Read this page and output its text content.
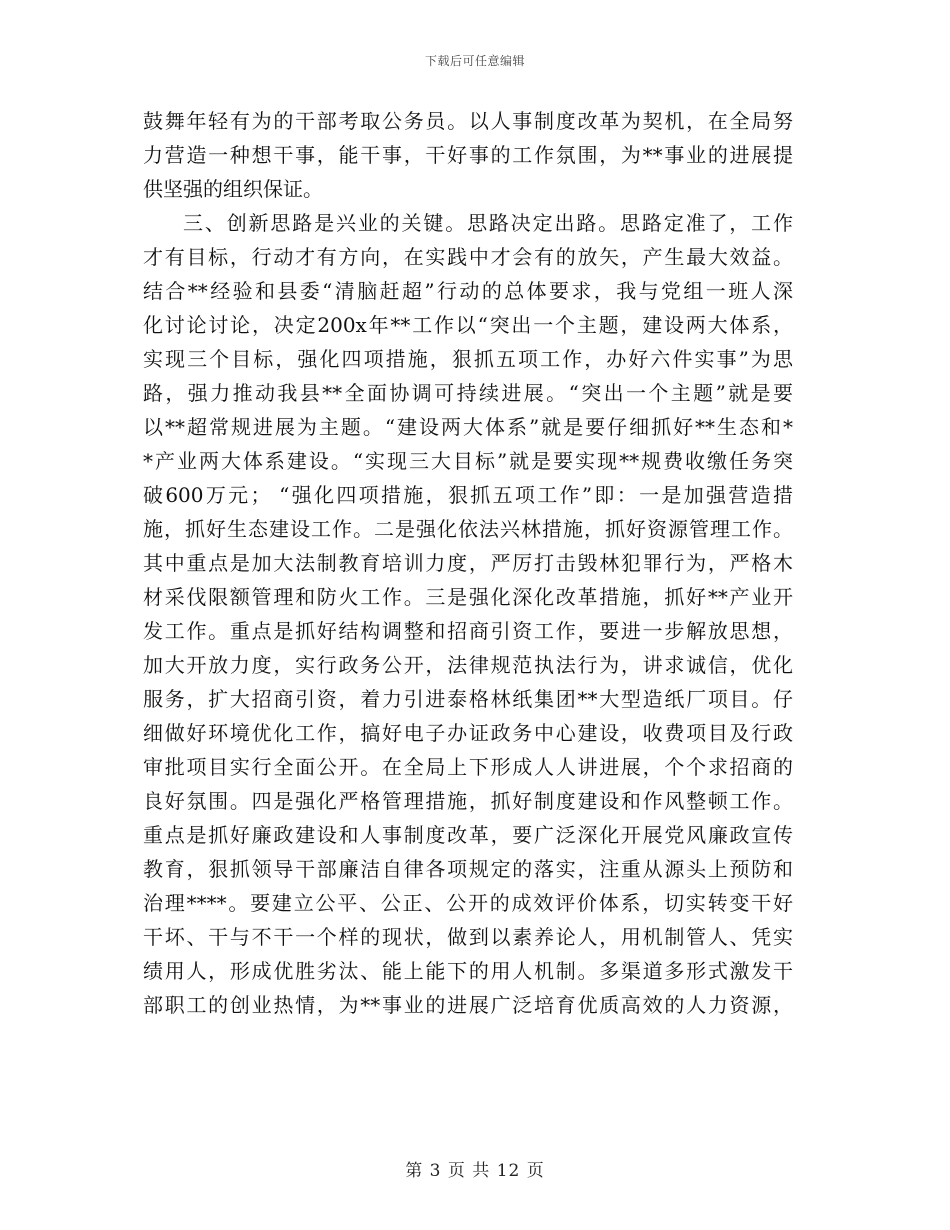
下载后可任意编辑
鼓舞年轻有为的干部考取公务员。以人事制度改革为契机，在全局努
力营造一种想干事，能干事，干好事的工作氛围，为**事业的进展提
供坚强的组织保证。
三、创新思路是兴业的关键。思路决定出路。思路定准了，工作
才有目标，行动才有方向，在实践中才会有的放矢，产生最大效益。
结合**经验和县委“清脑赶超”行动的总体要求，我与党组一班人深
化讨论讨论，决定200x年**工作以“突出一个主题，建设两大体系，
实现三个目标，强化四项措施，狠抓五项工作，办好六件实事”为思
路，强力推动我县**全面协调可持续进展。“突出一个主题”就是要
以**超常规进展为主题。“建设两大体系”就是要仔细抓好**生态和*
*产业两大体系建设。“实现三大目标”就是要实现**规费收缴任务突
破600万元； “强化四项措施，狠抓五项工作”即：一是加强营造措
施，抓好生态建设工作。二是强化依法兴林措施，抓好资源管理工作。
其中重点是加大法制教育培训力度，严厉打击毁林犯罪行为，严格木
材采伐限额管理和防火工作。三是强化深化改革措施，抓好**产业开
发工作。重点是抓好结构调整和招商引资工作，要进一步解放思想，
加大开放力度，实行政务公开，法律规范执法行为，讲求诚信，优化
服务，扩大招商引资，着力引进泰格林纸集团**大型造纸厂项目。仔
细做好环境优化工作，搞好电子办证政务中心建设，收费项目及行政
审批项目实行全面公开。在全局上下形成人人讲进展，个个求招商的
良好氛围。四是强化严格管理措施，抓好制度建设和作风整顿工作。
重点是抓好廉政建设和人事制度改革，要广泛深化开展党风廉政宣传
教育，狠抓领导干部廉洁自律各项规定的落实，注重从源头上预防和
治理****。要建立公平、公正、公开的成效评价体系，切实转变干好
干坏、干与不干一个样的现状，做到以素养论人，用机制管人、凭实
绩用人，形成优胜劣汰、能上能下的用人机制。多渠道多形式激发干
部职工的创业热情，为**事业的进展广泛培育优质高效的人力资源，
第 3 页 共 12 页
